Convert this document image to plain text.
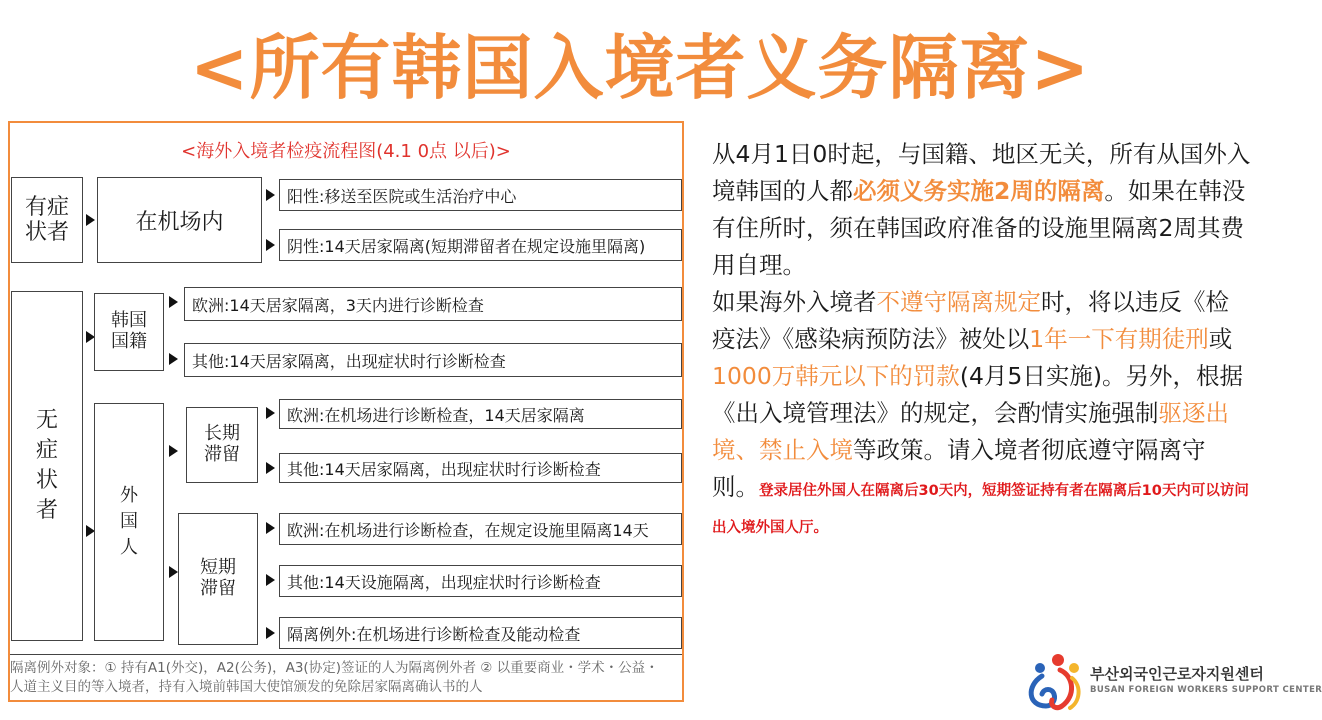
<所有韩国入境者义务隔离>
<海外入境者检疫流程图(4.1 0点 以后)>
有症状者	在机场内
阳性:移送至医院或生活治疗中心
阴性:14天居家隔离(短期滞留者在规定设施里隔离)
无症状者
韩国国籍
欧洲:14天居家隔离，3天内进行诊断检查
其他:14天居家隔离，出现症状时行诊断检查
外国人
长期滞留
欧洲:在机场进行诊断检查，14天居家隔离
其他:14天居家隔离，出现症状时行诊断检查
短期滞留
欧洲:在机场进行诊断检查，在规定设施里隔离14天
其他:14天设施隔离，出现症状时行诊断检查
隔离例外:在机场进行诊断检查及能动检查
隔离例外对象：① 持有A1(外交)，A2(公务)，A3(协定)签证的人为隔离例外者 ② 以重要商业・学术・公益・人道主义目的等入境者，持有入境前韩国大使馆颁发的免除居家隔离确认书的人
从4月1日0时起，与国籍、地区无关，所有从国外入境韩国的人都必须义务实施2周的隔离。如果在韩没有住所时，须在韩国政府准备的设施里隔离2周其费用自理。
如果海外入境者不遵守隔离规定时，将以违反《检疫法》《感染病预防法》被处以1年一下有期徒刑或1000万韩元以下的罚款(4月5日实施)。另外，根据《出入境管理法》的规定，会酌情实施强制驱逐出境、禁止入境等政策。请入境者彻底遵守隔离守则。登录居住外国人在隔离后30天内，短期签证持有者在隔离后10天内可以访问出入境外国人厅。
부산외국인근로자지원센터
BUSAN FOREIGN WORKERS SUPPORT CENTER
